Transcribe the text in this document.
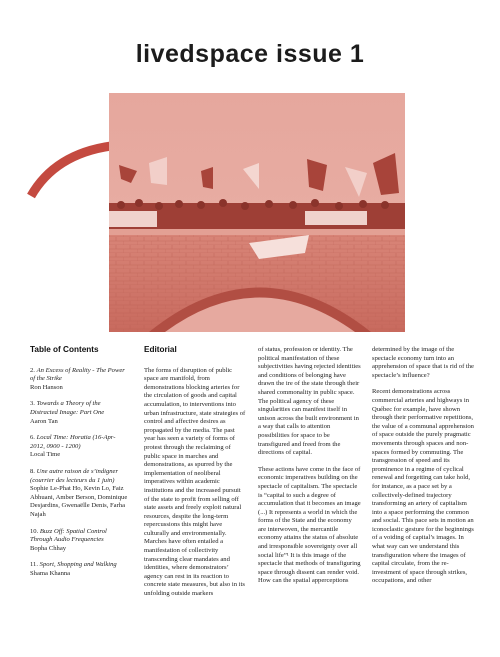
livedspace issue 1
Table of Contents
2. An Excess of Reality - The Power of the Strike
Ron Hanson
3. Towards a Theory of the Distracted Image: Part One
Aaron Tan
6. Local Time: Horatia (16-Apr-2012, 0900 - 1200)
Local Time
8. Une autre raison de s’indigner (courrier des lecteurs du 1 juin)
Sophie Le-Phat Ho, Kevin Lo, Faiz Abhuani, Amber Berson, Dominique Desjardins, Gwenaëlle Denis, Farha Najah
10. Buzz Off: Spatial Control Through Audio Frequencies
Bopha Chhay
11. Sport, Shopping and Walking
Shama Khanna
Editorial

The forms of disruption of public space are manifold, from demonstrations blocking arteries for the circulation of goods and capital accumulation, to interventions into urban infrastructure, state strategies of control and affective desires as propagated by the media. The past year has seen a variety of forms of protest through the reclaiming of public space in marches and demonstrations, as spurred by the implementation of neoliberal imperatives within academic institutions and the increased pursuit of the state to profit from selling off state assets and freely exploit natural resources, despite the long-term repercussions this might have culturally and environmentally. Marches have often entailed a manifestation of collectivity transcending clear mandates and identities, where demonstrators’ agency can rest in its reaction to concrete state measures, but also in its unfolding outside markers

of status, profession or identity. The political manifestation of these subjectivities having rejected identities and conditions of belonging have drawn the ire of the state through their shared commonality in public space. The political agency of these singularities can manifest itself in unison across the built environment in a way that calls to attention possibilities for space to be transfigured and freed from the directions of capital.

These actions have come in the face of economic imperatives building on the spectacle of capitalism. The spectacle is “capital to such a degree of accumulation that it becomes an image (...) It represents a world in which the forms of the State and the economy are interwoven, the mercantile economy attains the status of absolute and irresponsible sovereignty over all social life”¹ It is this image of the spectacle that methods of transfiguring space through dissent can render void. How can the spatial apperceptions

determined by the image of the spectacle economy turn into an apprehension of space that is rid of the spectacle’s influence?

Recent demonstrations across commercial arteries and highways in Québec for example, have shown through their performative repetitions, the value of a communal apprehension of space outside the purely pragmatic movements through spaces and non-spaces formed by commuting. The transgression of speed and its prominence in a regime of cyclical renewal and forgetting can take hold, for instance, as a pace set by a collectively-defined trajectory transforming an artery of capitalism into a space performing the common and social. This pace sets in motion an iconoclastic gesture for the beginnings of a voiding of capital’s images. In what way can we understand this transfiguration where the images of capital circulate, from the re-investment of space through strikes, occupations, and other
